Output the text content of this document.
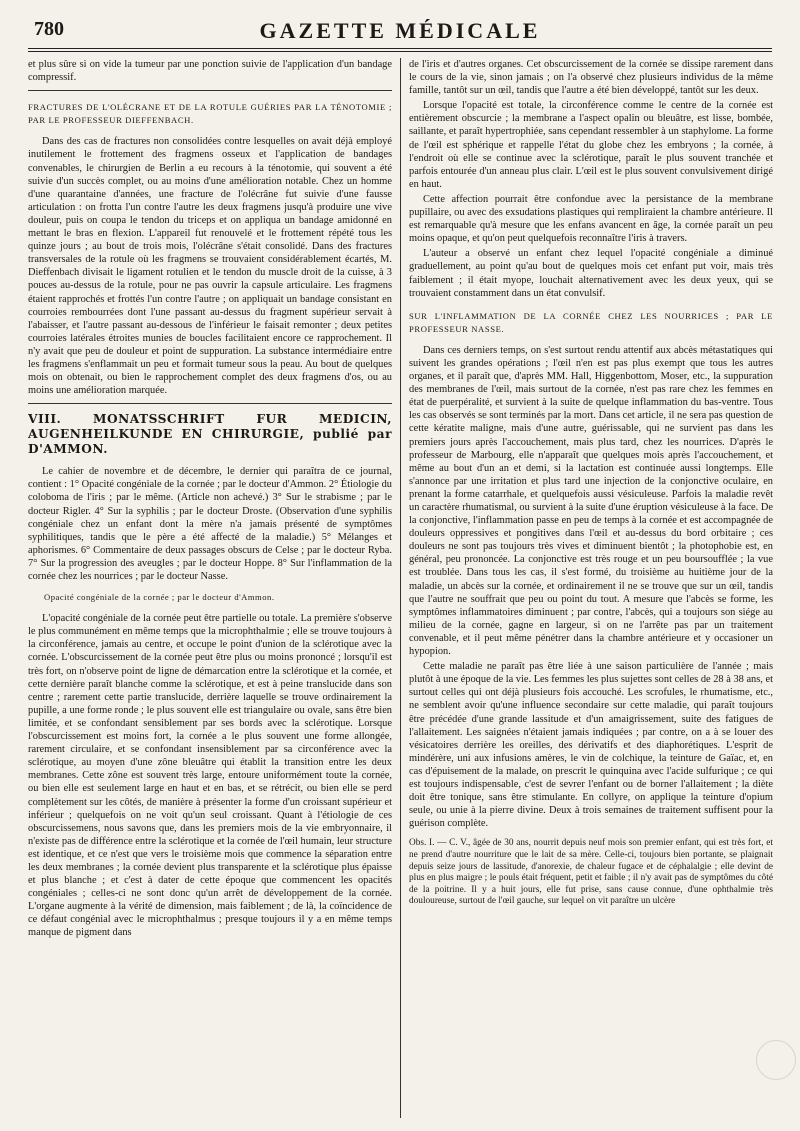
780	GAZETTE MÉDICALE

et plus sûre si on vide la tumeur par une ponction suivie de l'application d'un bandage compressif.

FRACTURES DE L'OLÉCRANE ET DE LA ROTULE GUÉRIES PAR LA TÉNOTOMIE ; PAR LE PROFESSEUR DIEFFENBACH.

Dans des cas de fractures non consolidées contre lesquelles on avait déjà employé inutilement le frottement des fragmens osseux et l'application de bandages convenables, le chirurgien de Berlin a eu recours à la ténotomie, qui souvent a été suivie d'un succès complet, ou au moins d'une amélioration notable. Chez un homme d'une quarantaine d'années, une fracture de l'olécrâne fut suivie d'une fausse articulation : on frotta l'un contre l'autre les deux fragmens jusqu'à produire une vive douleur, puis on coupa le tendon du triceps et on appliqua un bandage amidonné en mettant le bras en flexion. L'appareil fut renouvelé et le frottement répété tous les quinze jours ; au bout de trois mois, l'olécrâne s'était consolidé. Dans des fractures transversales de la rotule où les fragmens se trouvaient considérablement écartés, M. Dieffenbach divisait le ligament rotulien et le tendon du muscle droit de la cuisse, à 3 pouces au-dessus de la rotule, pour ne pas ouvrir la capsule articulaire. Les fragmens étaient rapprochés et frottés l'un contre l'autre ; on appliquait un bandage consistant en courroies rembourrées dont l'une passant au-dessus du fragment supérieur servait à l'abaisser, et l'autre passant au-dessous de l'inférieur le faisait remonter ; deux petites courroies latérales étroites munies de boucles facilitaient encore ce rapprochement. Il n'y avait que peu de douleur et point de suppuration. La substance intermédiaire entre les fragmens s'enflammait un peu et formait tumeur sous la peau. Au bout de quelques mois on obtenait, ou bien le rapprochement complet des deux fragmens d'os, ou au moins une amélioration marquée.

VIII. MONATSSCHRIFT FUR MEDICIN, AUGENHEILKUNDE EN CHIRURGIE, publié par D'AMMON.

Le cahier de novembre et de décembre, le dernier qui paraîtra de ce journal, contient : 1° Opacité congéniale de la cornée ; par le docteur d'Ammon. 2° Étiologie du coloboma de l'iris ; par le même. (Article non achevé.) 3° Sur le strabisme ; par le docteur Rigler. 4° Sur la syphilis ; par le docteur Droste. (Observation d'une syphilis congéniale chez un enfant dont la mère n'a jamais présenté de symptômes syphilitiques, tandis que le père a été affecté de la maladie.) 5° Mélanges et aphorismes. 6° Commentaire de deux passages obscurs de Celse ; par le docteur Ryba. 7° Sur la progression des aveugles ; par le docteur Hoppe. 8° Sur l'inflammation de la cornée chez les nourrices ; par le docteur Nasse.

Opacité congéniale de la cornée ; par le docteur d'Ammon.

L'opacité congéniale de la cornée peut être partielle ou totale. La première s'observe le plus communément en même temps que la microphthalmie ; elle se trouve toujours à la circonférence, jamais au centre, et occupe le point d'union de la sclérotique avec la cornée. L'obscurcissement de la cornée peut être plus ou moins prononcé ; lorsqu'il est très fort, on n'observe point de ligne de démarcation entre la sclérotique et la cornée, et cette dernière paraît blanche comme la sclérotique, et est à peine translucide dans son centre ; rarement cette partie translucide, derrière laquelle se trouve ordinairement la pupille, a une forme ronde ; le plus souvent elle est triangulaire ou ovale, sans être bien limitée, et se confondant sensiblement par ses bords avec la sclérotique. Lorsque l'obscurcissement est moins fort, la cornée a le plus souvent une forme allongée, rarement circulaire, et se confondant insensiblement par sa circonférence avec la sclérotique, au moyen d'une zône bleuâtre qui établit la transition entre les deux membranes. Cette zône est souvent très large, entoure uniformément toute la cornée, ou bien elle est seulement large en haut et en bas, et se rétrécit, ou bien elle se perd complètement sur les côtés, de manière à présenter la forme d'un croissant supérieur et inférieur ; quelquefois on ne voit qu'un seul croissant. Quant à l'étiologie de ces obscurcissemens, nous savons que, dans les premiers mois de la vie embryonnaire, il n'existe pas de différence entre la sclérotique et la cornée de l'œil humain, leur structure est identique, et ce n'est que vers le troisième mois que commence la séparation entre les deux membranes ; la cornée devient plus transparente et la sclérotique plus épaisse et plus blanche ; et c'est à dater de cette époque que commencent les opacités congéniales ; celles-ci ne sont donc qu'un arrêt de développement de la cornée. L'organe augmente à la vérité de dimension, mais faiblement ; de là, la coïncidence de ce défaut congénial avec le microphthalmus ; presque toujours il y a en même temps manque de pigment dans

de l'iris et d'autres organes. Cet obscurcissement de la cornée se dissipe rarement dans le cours de la vie, sinon jamais ; on l'a observé chez plusieurs individus de la même famille, tantôt sur un œil, tandis que l'autre a été bien développé, tantôt sur les deux.

Lorsque l'opacité est totale, la circonférence comme le centre de la cornée est entièrement obscurcie ; la membrane a l'aspect opalin ou bleuâtre, est lisse, bombée, saillante, et paraît hypertrophiée, sans cependant ressembler à un staphylome. La forme de l'œil est sphérique et rappelle l'état du globe chez les embryons ; la cornée, à l'endroit où elle se continue avec la sclérotique, paraît le plus souvent tranchée et parfois entourée d'un anneau plus clair. L'œil est le plus souvent convulsivement dirigé en haut.

Cette affection pourrait être confondue avec la persistance de la membrane pupillaire, ou avec des exsudations plastiques qui rempliraient la chambre antérieure. Il est remarquable qu'à mesure que les enfans avancent en âge, la cornée paraît un peu moins opaque, et qu'on peut quelquefois reconnaître l'iris à travers.

L'auteur a observé un enfant chez lequel l'opacité congéniale a diminué graduellement, au point qu'au bout de quelques mois cet enfant put voir, mais très faiblement ; il était myope, louchait alternativement avec les deux yeux, qui se trouvaient constamment dans un état convulsif.

SUR L'INFLAMMATION DE LA CORNÉE CHEZ LES NOURRICES ; PAR LE PROFESSEUR NASSE.

Dans ces derniers temps, on s'est surtout rendu attentif aux abcès métastatiques qui suivent les grandes opérations ; l'œil n'en est pas plus exempt que tous les autres organes, et il paraît que, d'après MM. Hall, Higgenbottom, Moser, etc., la suppuration des membranes de l'œil, mais surtout de la cornée, n'est pas rare chez les femmes en état de puerpéralité, et survient à la suite de quelque inflammation du bas-ventre. Tous les cas observés se sont terminés par la mort. Dans cet article, il ne sera pas question de cette kératite maligne, mais d'une autre, guérissable, qui ne survient pas dans les premiers jours après l'accouchement, mais plus tard, chez les nourrices. D'après le professeur de Marbourg, elle n'apparaît que quelques mois après l'accouchement, et même au bout d'un an et demi, si la lactation est continuée aussi longtemps. Elle s'annonce par une irritation et plus tard une injection de la conjonctive oculaire, en prenant la forme catarrhale, et quelquefois aussi vésiculeuse. Parfois la maladie revêt un caractère rhumatismal, ou survient à la suite d'une éruption vésiculeuse à la face. De la conjonctive, l'inflammation passe en peu de temps à la cornée et est accompagnée de douleurs oppressives et pongitives dans l'œil et au-dessus du bord orbitaire ; ces douleurs ne sont pas toujours très vives et diminuent bientôt ; la photophobie est, en général, peu prononcée. La conjonctive est très rouge et un peu boursoufflée ; la vue est troublée. Dans tous les cas, il s'est formé, du troisième au huitième jour de la maladie, un abcès sur la cornée, et ordinairement il ne se trouve que sur un œil, tandis que l'autre ne souffrait que peu ou point du tout. A mesure que l'abcès se forme, les symptômes inflammatoires diminuent ; par contre, l'abcès, qui a toujours son siége au milieu de la cornée, gagne en largeur, si on ne l'arrête pas par un traitement convenable, et il peut même pénétrer dans la chambre antérieure et y occasioner un hypopion.

Cette maladie ne paraît pas être liée à une saison particulière de l'année ; mais plutôt à une époque de la vie. Les femmes les plus sujettes sont celles de 28 à 38 ans, et surtout celles qui ont déjà plusieurs fois accouché. Les scrofules, le rhumatisme, etc., ne semblent avoir qu'une influence secondaire sur cette maladie, qui paraît toujours être précédée d'une grande lassitude et d'un amaigrissement, suite des fatigues de l'allaitement. Les saignées n'étaient jamais indiquées ; par contre, on a à se louer des vésicatoires derrière les oreilles, des dérivatifs et des diaphorétiques. L'esprit de mindérère, uni aux infusions amères, le vin de colchique, la teinture de Gaïac, et, en cas d'épuisement de la malade, on prescrit le quinquina avec l'acide sulfurique ; ce qui est toujours indispensable, c'est de sevrer l'enfant ou de borner l'allaitement ; la diète doit être tonique, sans être stimulante. En collyre, on applique la teinture d'opium seule, ou unie à la pierre divine. Deux à trois semaines de traitement suffisent pour la guérison complète.

Obs. I. — C. V., âgée de 30 ans, nourrit depuis neuf mois son premier enfant, qui est très fort, et ne prend d'autre nourriture que le lait de sa mère. Celle-ci, toujours bien portante, se plaignait depuis seize jours de lassitude, d'anorexie, de chaleur fugace et de céphalalgie ; elle devint de plus en plus maigre ; le pouls était fréquent, petit et faible ; il n'y avait pas de symptômes du côté de la poitrine. Il y a huit jours, elle fut prise, sans cause connue, d'une ophthalmie très douloureuse, surtout de l'œil gauche, sur lequel on vit paraître un ulcère
